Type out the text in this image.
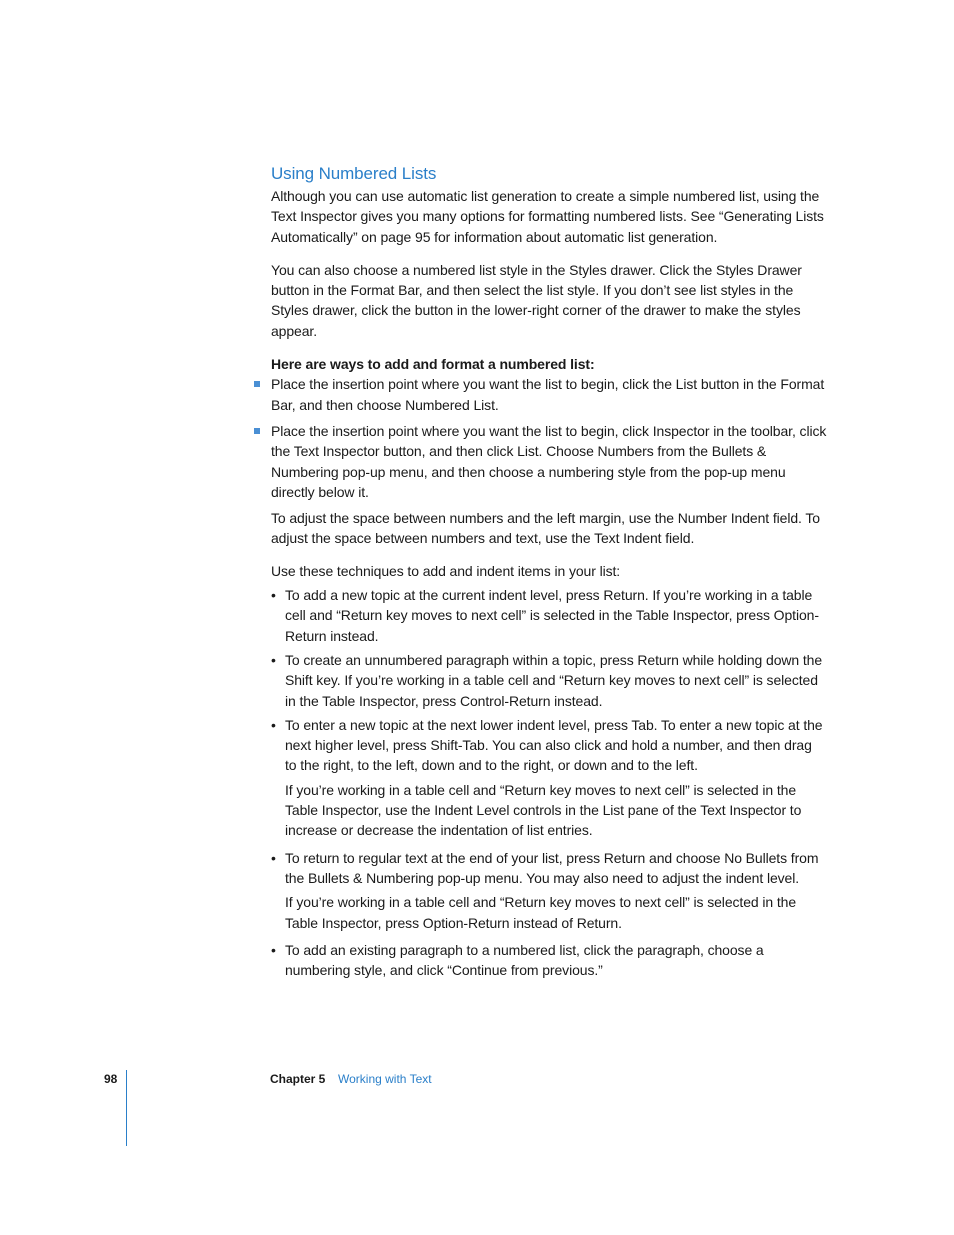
Using Numbered Lists

Although you can use automatic list generation to create a simple numbered list, using the Text Inspector gives you many options for formatting numbered lists. See “Generating Lists Automatically” on page 95 for information about automatic list generation.

You can also choose a numbered list style in the Styles drawer. Click the Styles Drawer button in the Format Bar, and then select the list style. If you don’t see list styles in the Styles drawer, click the button in the lower-right corner of the drawer to make the styles appear.

Here are ways to add and format a numbered list:

Place the insertion point where you want the list to begin, click the List button in the Format Bar, and then choose Numbered List.
Place the insertion point where you want the list to begin, click Inspector in the toolbar, click the Text Inspector button, and then click List. Choose Numbers from the Bullets & Numbering pop-up menu, and then choose a numbering style from the pop-up menu directly below it.

To adjust the space between numbers and the left margin, use the Number Indent field. To adjust the space between numbers and text, use the Text Indent field.

Use these techniques to add and indent items in your list:

• To add a new topic at the current indent level, press Return. If you’re working in a table cell and “Return key moves to next cell” is selected in the Table Inspector, press Option-Return instead.
• To create an unnumbered paragraph within a topic, press Return while holding down the Shift key. If you’re working in a table cell and “Return key moves to next cell” is selected in the Table Inspector, press Control-Return instead.
• To enter a new topic at the next lower indent level, press Tab. To enter a new topic at the next higher level, press Shift-Tab. You can also click and hold a number, and then drag to the right, to the left, down and to the right, or down and to the left.

If you’re working in a table cell and “Return key moves to next cell” is selected in the Table Inspector, use the Indent Level controls in the List pane of the Text Inspector to increase or decrease the indentation of list entries.

• To return to regular text at the end of your list, press Return and choose No Bullets from the Bullets & Numbering pop-up menu. You may also need to adjust the indent level.

If you’re working in a table cell and “Return key moves to next cell” is selected in the Table Inspector, press Option-Return instead of Return.

• To add an existing paragraph to a numbered list, click the paragraph, choose a numbering style, and click “Continue from previous.”
98	Chapter 5 Working with Text
